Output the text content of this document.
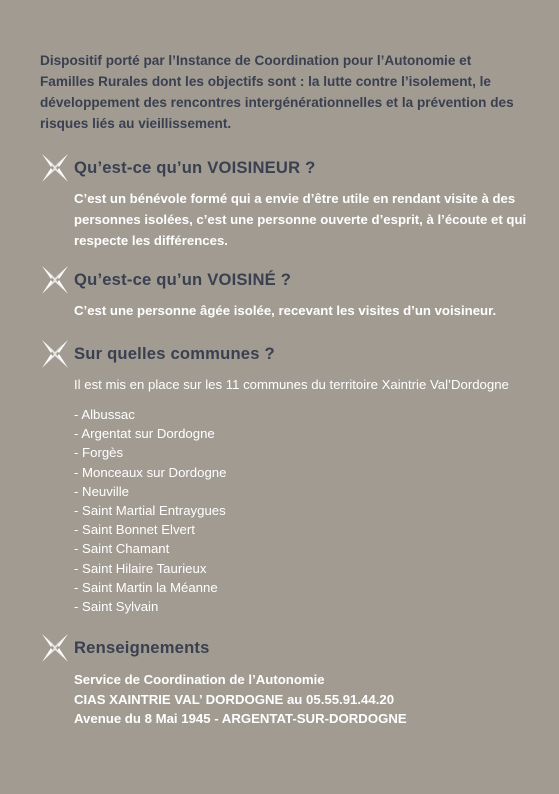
Dispositif porté par l’Instance de Coordination pour l’Autonomie et Familles Rurales dont les objectifs sont : la lutte contre l’isolement, le développement des rencontres intergénérationnelles et la prévention des risques liés au vieillissement.
Qu’est-ce qu’un VOISINEUR ?
C’est un bénévole formé qui a envie d’être utile en rendant visite à des personnes isolées, c’est une personne ouverte d’esprit, à l’écoute et qui respecte les différences.
Qu’est-ce qu’un VOISINÉ ?
C’est une personne âgée isolée, recevant les visites d’un voisineur.
Sur quelles communes ?
Il est mis en place sur les 11 communes du territoire Xaintrie Val’Dordogne
- Albussac
- Argentat sur Dordogne
- Forgès
- Monceaux sur Dordogne
- Neuville
- Saint Martial Entraygues
- Saint Bonnet Elvert
- Saint Chamant
- Saint Hilaire Taurieux
- Saint Martin la Méanne
- Saint Sylvain
Renseignements
Service de Coordination de l’Autonomie
CIAS XAINTRIE VAL’ DORDOGNE au 05.55.91.44.20
Avenue du 8 Mai 1945 - ARGENTAT-SUR-DORDOGNE
